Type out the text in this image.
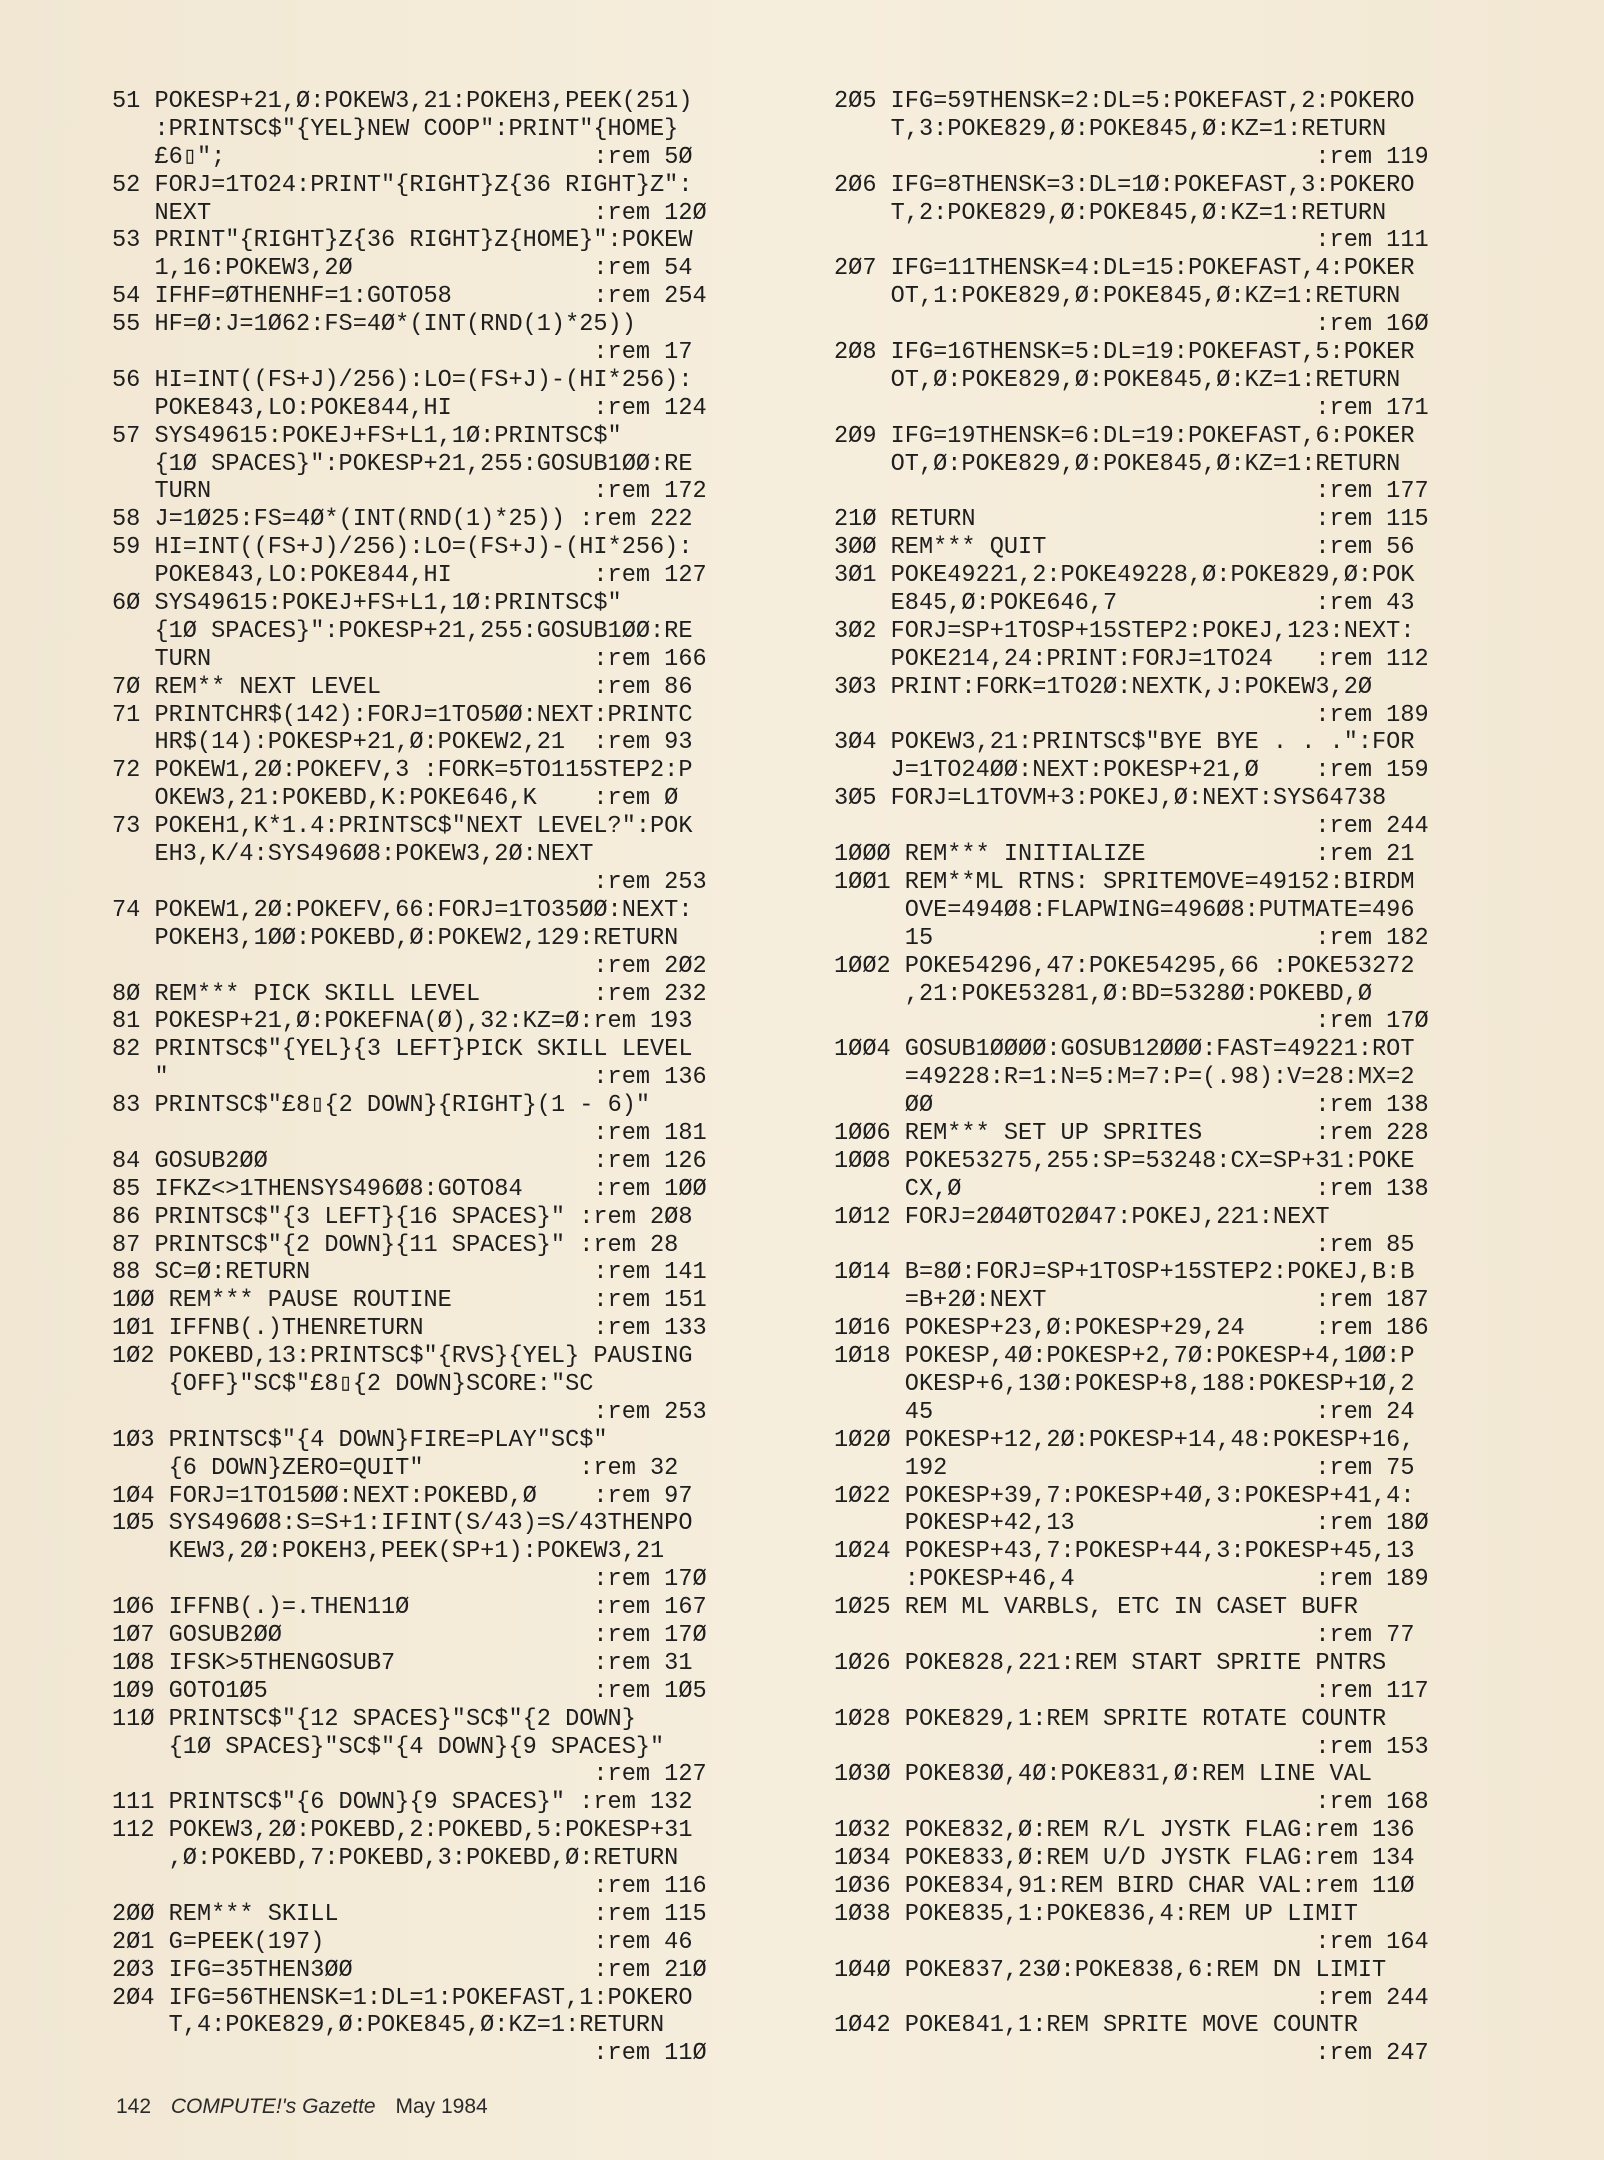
51 POKESP+21,Ø:POKEW3,21:POKEH3,PEEK(251)
:PRINTSC$"{YEL}NEW COOP":PRINT"{HOME}
£6▯";                          :rem 5Ø
52 FORJ=1TO24:PRINT"{RIGHT}Z{36 RIGHT}Z":
NEXT                           :rem 12Ø
53 PRINT"{RIGHT}Z{36 RIGHT}Z{HOME}":POKEW
1,16:POKEW3,2Ø                 :rem 54
54 IFHF=ØTHENHF=1:GOTO58          :rem 254
55 HF=Ø:J=1Ø62:FS=4Ø*(INT(RND(1)*25))
:rem 17
56 HI=INT((FS+J)/256):LO=(FS+J)-(HI*256):
POKE843,LO:POKE844,HI          :rem 124
57 SYS49615:POKEJ+FS+L1,1Ø:PRINTSC$"
{1Ø SPACES}":POKESP+21,255:GOSUB1ØØ:RE
TURN                           :rem 172
58 J=1Ø25:FS=4Ø*(INT(RND(1)*25)) :rem 222
59 HI=INT((FS+J)/256):LO=(FS+J)-(HI*256):
POKE843,LO:POKE844,HI          :rem 127
6Ø SYS49615:POKEJ+FS+L1,1Ø:PRINTSC$"
{1Ø SPACES}":POKESP+21,255:GOSUB1ØØ:RE
TURN                           :rem 166
7Ø REM** NEXT LEVEL               :rem 86
71 PRINTCHR$(142):FORJ=1TO5ØØ:NEXT:PRINTC
HR$(14):POKESP+21,Ø:POKEW2,21  :rem 93
72 POKEW1,2Ø:POKEFV,3 :FORK=5TO115STEP2:P
OKEW3,21:POKEBD,K:POKE646,K    :rem Ø
73 POKEH1,K*1.4:PRINTSC$"NEXT LEVEL?":POK
EH3,K/4:SYS496Ø8:POKEW3,2Ø:NEXT
:rem 253
74 POKEW1,2Ø:POKEFV,66:FORJ=1TO35ØØ:NEXT:
POKEH3,1ØØ:POKEBD,Ø:POKEW2,129:RETURN
:rem 2Ø2
8Ø REM*** PICK SKILL LEVEL        :rem 232
81 POKESP+21,Ø:POKEFNA(Ø),32:KZ=Ø:rem 193
82 PRINTSC$"{YEL}{3 LEFT}PICK SKILL LEVEL
"                              :rem 136
83 PRINTSC$"£8▯{2 DOWN}{RIGHT}(1 - 6)"
:rem 181
84 GOSUB2ØØ                       :rem 126
85 IFKZ<>1THENSYS496Ø8:GOTO84     :rem 1ØØ
86 PRINTSC$"{3 LEFT}{16 SPACES}" :rem 2Ø8
87 PRINTSC$"{2 DOWN}{11 SPACES}" :rem 28
88 SC=Ø:RETURN                    :rem 141
1ØØ REM*** PAUSE ROUTINE          :rem 151
1Ø1 IFFNB(.)THENRETURN            :rem 133
1Ø2 POKEBD,13:PRINTSC$"{RVS}{YEL} PAUSING
{OFF}"SC$"£8▯{2 DOWN}SCORE:"SC
:rem 253
1Ø3 PRINTSC$"{4 DOWN}FIRE=PLAY"SC$"
{6 DOWN}ZERO=QUIT"           :rem 32
1Ø4 FORJ=1TO15ØØ:NEXT:POKEBD,Ø    :rem 97
1Ø5 SYS496Ø8:S=S+1:IFINT(S/43)=S/43THENPO
KEW3,2Ø:POKEH3,PEEK(SP+1):POKEW3,21
:rem 17Ø
1Ø6 IFFNB(.)=.THEN11Ø             :rem 167
1Ø7 GOSUB2ØØ                      :rem 17Ø
1Ø8 IFSK>5THENGOSUB7              :rem 31
1Ø9 GOTO1Ø5                       :rem 1Ø5
11Ø PRINTSC$"{12 SPACES}"SC$"{2 DOWN}
{1Ø SPACES}"SC$"{4 DOWN}{9 SPACES}"
:rem 127
111 PRINTSC$"{6 DOWN}{9 SPACES}" :rem 132
112 POKEW3,2Ø:POKEBD,2:POKEBD,5:POKESP+31
,Ø:POKEBD,7:POKEBD,3:POKEBD,Ø:RETURN
:rem 116
2ØØ REM*** SKILL                  :rem 115
2Ø1 G=PEEK(197)                   :rem 46
2Ø3 IFG=35THEN3ØØ                 :rem 21Ø
2Ø4 IFG=56THENSK=1:DL=1:POKEFAST,1:POKERO
T,4:POKE829,Ø:POKE845,Ø:KZ=1:RETURN
:rem 11Ø
2Ø5 IFG=59THENSK=2:DL=5:POKEFAST,2:POKERO
T,3:POKE829,Ø:POKE845,Ø:KZ=1:RETURN
:rem 119
2Ø6 IFG=8THENSK=3:DL=1Ø:POKEFAST,3:POKERO
T,2:POKE829,Ø:POKE845,Ø:KZ=1:RETURN
:rem 111
2Ø7 IFG=11THENSK=4:DL=15:POKEFAST,4:POKER
OT,1:POKE829,Ø:POKE845,Ø:KZ=1:RETURN
:rem 16Ø
2Ø8 IFG=16THENSK=5:DL=19:POKEFAST,5:POKER
OT,Ø:POKE829,Ø:POKE845,Ø:KZ=1:RETURN
:rem 171
2Ø9 IFG=19THENSK=6:DL=19:POKEFAST,6:POKER
OT,Ø:POKE829,Ø:POKE845,Ø:KZ=1:RETURN
:rem 177
21Ø RETURN                        :rem 115
3ØØ REM*** QUIT                   :rem 56
3Ø1 POKE49221,2:POKE49228,Ø:POKE829,Ø:POK
E845,Ø:POKE646,7              :rem 43
3Ø2 FORJ=SP+1TOSP+15STEP2:POKEJ,123:NEXT:
POKE214,24:PRINT:FORJ=1TO24   :rem 112
3Ø3 PRINT:FORK=1TO2Ø:NEXTK,J:POKEW3,2Ø
:rem 189
3Ø4 POKEW3,21:PRINTSC$"BYE BYE . . .":FOR
J=1TO24ØØ:NEXT:POKESP+21,Ø    :rem 159
3Ø5 FORJ=L1TOVM+3:POKEJ,Ø:NEXT:SYS64738
:rem 244
1ØØØ REM*** INITIALIZE            :rem 21
1ØØ1 REM**ML RTNS: SPRITEMOVE=49152:BIRDM
OVE=494Ø8:FLAPWING=496Ø8:PUTMATE=496
15                           :rem 182
1ØØ2 POKE54296,47:POKE54295,66 :POKE53272
,21:POKE53281,Ø:BD=5328Ø:POKEBD,Ø
:rem 17Ø
1ØØ4 GOSUB1ØØØØ:GOSUB12ØØØ:FAST=49221:ROT
=49228:R=1:N=5:M=7:P=(.98):V=28:MX=2
ØØ                           :rem 138
1ØØ6 REM*** SET UP SPRITES        :rem 228
1ØØ8 POKE53275,255:SP=53248:CX=SP+31:POKE
CX,Ø                         :rem 138
1Ø12 FORJ=2Ø4ØTO2Ø47:POKEJ,221:NEXT
:rem 85
1Ø14 B=8Ø:FORJ=SP+1TOSP+15STEP2:POKEJ,B:B
=B+2Ø:NEXT                   :rem 187
1Ø16 POKESP+23,Ø:POKESP+29,24     :rem 186
1Ø18 POKESP,4Ø:POKESP+2,7Ø:POKESP+4,1ØØ:P
OKESP+6,13Ø:POKESP+8,188:POKESP+1Ø,2
45                           :rem 24
1Ø2Ø POKESP+12,2Ø:POKESP+14,48:POKESP+16,
192                          :rem 75
1Ø22 POKESP+39,7:POKESP+4Ø,3:POKESP+41,4:
POKESP+42,13                 :rem 18Ø
1Ø24 POKESP+43,7:POKESP+44,3:POKESP+45,13
:POKESP+46,4                 :rem 189
1Ø25 REM ML VARBLS, ETC IN CASET BUFR
:rem 77
1Ø26 POKE828,221:REM START SPRITE PNTRS
:rem 117
1Ø28 POKE829,1:REM SPRITE ROTATE COUNTR
:rem 153
1Ø3Ø POKE83Ø,4Ø:POKE831,Ø:REM LINE VAL
:rem 168
1Ø32 POKE832,Ø:REM R/L JYSTK FLAG:rem 136
1Ø34 POKE833,Ø:REM U/D JYSTK FLAG:rem 134
1Ø36 POKE834,91:REM BIRD CHAR VAL:rem 11Ø
1Ø38 POKE835,1:POKE836,4:REM UP LIMIT
:rem 164
1Ø4Ø POKE837,23Ø:POKE838,6:REM DN LIMIT
:rem 244
1Ø42 POKE841,1:REM SPRITE MOVE COUNTR
:rem 247
142 COMPUTE!'s Gazette May 1984
